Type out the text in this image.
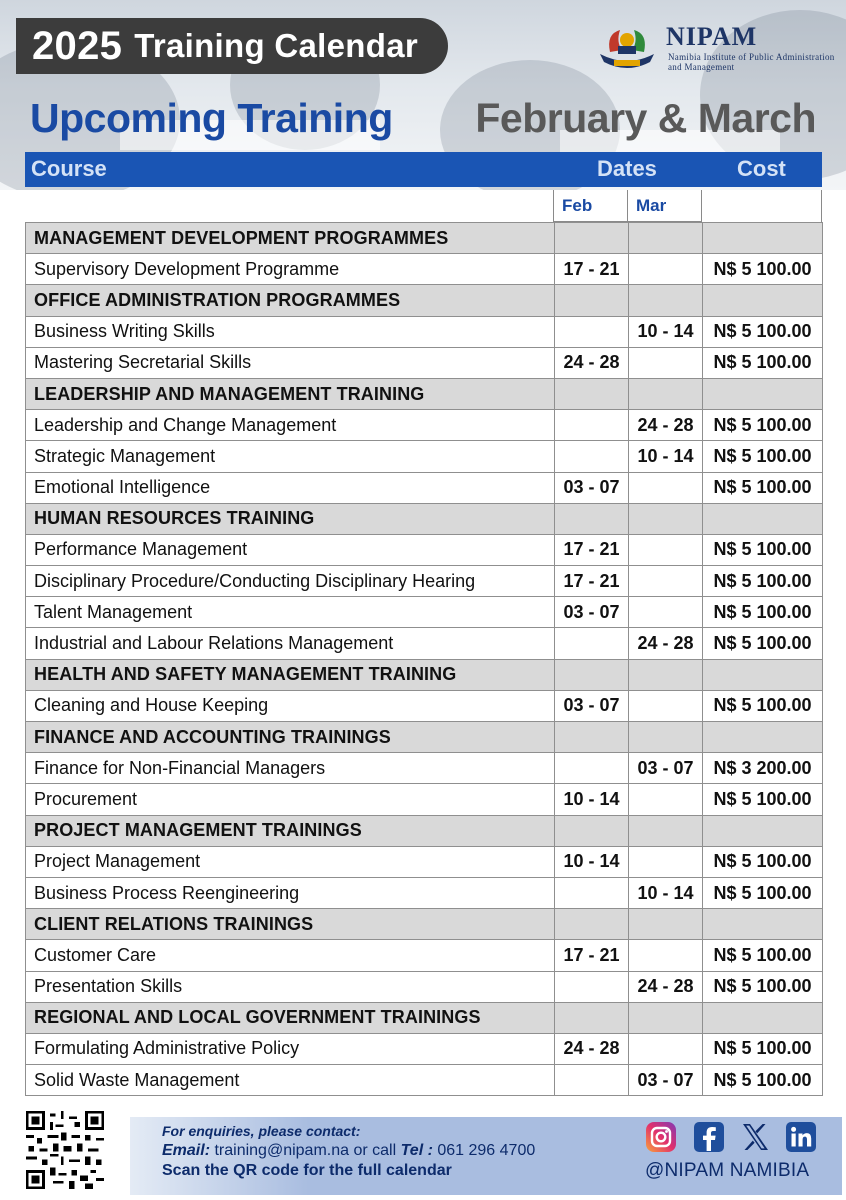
2025 Training Calendar	NIPAM
Namibia Institute of Public Administration and Management
Upcoming Training February & March
Course	Dates	Cost
Feb	Mar
MANAGEMENT DEVELOPMENT PROGRAMMES			
Supervisory Development Programme	17 - 21		N$ 5 100.00
OFFICE ADMINISTRATION PROGRAMMES			
Business Writing Skills		10 - 14	N$ 5 100.00
Mastering Secretarial Skills	24 - 28		N$ 5 100.00
LEADERSHIP AND MANAGEMENT TRAINING			
Leadership and Change Management		24 - 28	N$ 5 100.00
Strategic Management		10 - 14	N$ 5 100.00
Emotional Intelligence	03 - 07		N$ 5 100.00
HUMAN RESOURCES TRAINING			
Performance Management	17 - 21		N$ 5 100.00
Disciplinary Procedure/Conducting Disciplinary Hearing	17 - 21		N$ 5 100.00
Talent Management	03 - 07		N$ 5 100.00
Industrial and Labour Relations Management		24 - 28	N$ 5 100.00
HEALTH AND SAFETY MANAGEMENT TRAINING			
Cleaning and House Keeping	03 - 07		N$ 5 100.00
FINANCE AND ACCOUNTING TRAININGS			
Finance for Non-Financial Managers		03 - 07	N$ 3 200.00
Procurement	10 - 14		N$ 5 100.00
PROJECT MANAGEMENT TRAININGS			
Project Management	10 - 14		N$ 5 100.00
Business Process Reengineering		10 - 14	N$ 5 100.00
CLIENT RELATIONS TRAININGS			
Customer Care	17 - 21		N$ 5 100.00
Presentation Skills		24 - 28	N$ 5 100.00
REGIONAL AND LOCAL GOVERNMENT TRAININGS			
Formulating Administrative Policy	24 - 28		N$ 5 100.00
Solid Waste Management		03 - 07	N$ 5 100.00
For enquiries, please contact:
Email: training@nipam.na or call Tel : 061 296 4700
Scan the QR code for the full calendar	@NIPAM NAMIBIA
